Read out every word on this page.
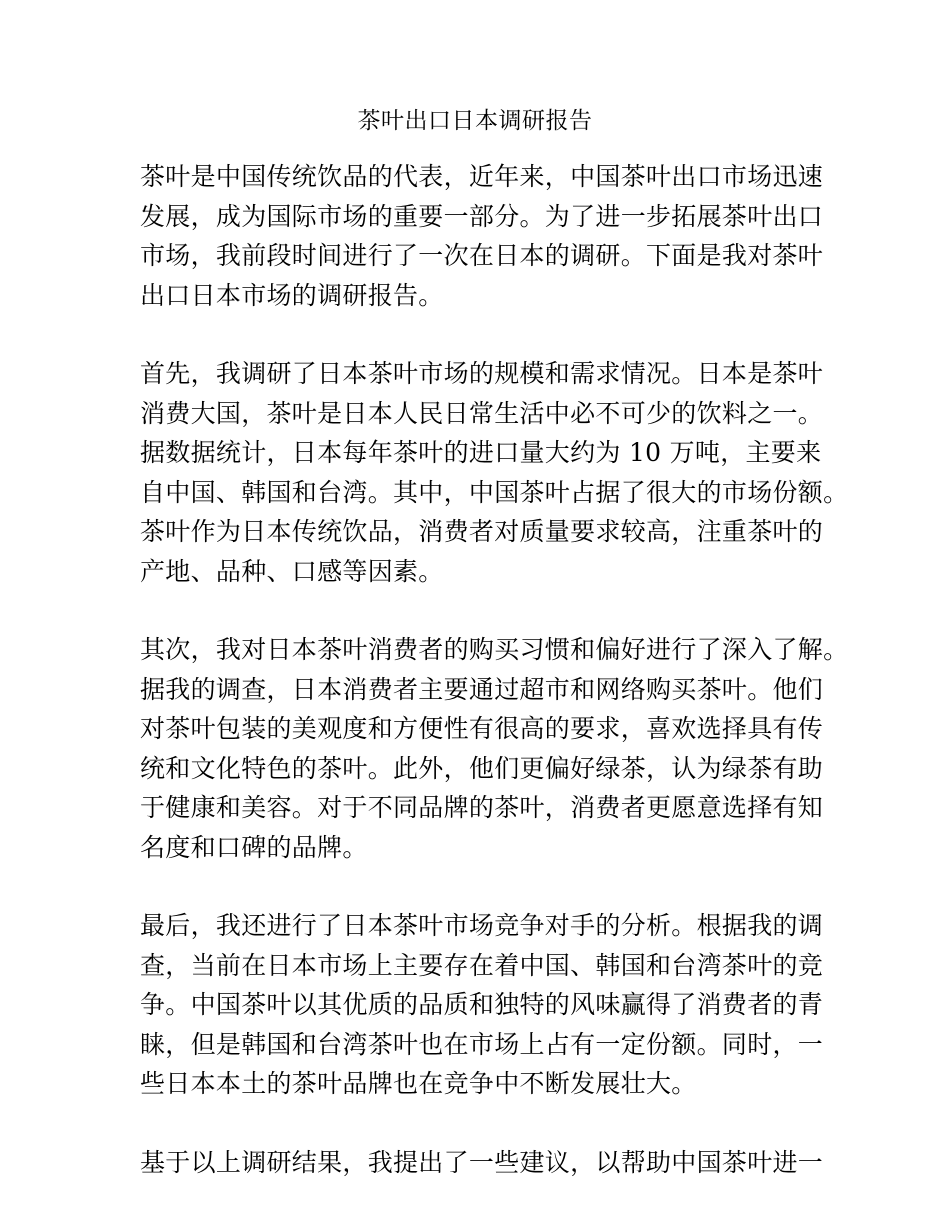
茶叶出口日本调研报告
茶叶是中国传统饮品的代表，近年来，中国茶叶出口市场迅速
发展，成为国际市场的重要一部分。为了进一步拓展茶叶出口
市场，我前段时间进行了一次在日本的调研。下面是我对茶叶
出口日本市场的调研报告。
首先，我调研了日本茶叶市场的规模和需求情况。日本是茶叶
消费大国，茶叶是日本人民日常生活中必不可少的饮料之一。
据数据统计，日本每年茶叶的进口量大约为 10 万吨，主要来
自中国、韩国和台湾。其中，中国茶叶占据了很大的市场份额。
茶叶作为日本传统饮品，消费者对质量要求较高，注重茶叶的
产地、品种、口感等因素。
其次，我对日本茶叶消费者的购买习惯和偏好进行了深入了解。
据我的调查，日本消费者主要通过超市和网络购买茶叶。他们
对茶叶包装的美观度和方便性有很高的要求，喜欢选择具有传
统和文化特色的茶叶。此外，他们更偏好绿茶，认为绿茶有助
于健康和美容。对于不同品牌的茶叶，消费者更愿意选择有知
名度和口碑的品牌。
最后，我还进行了日本茶叶市场竞争对手的分析。根据我的调
查，当前在日本市场上主要存在着中国、韩国和台湾茶叶的竞
争。中国茶叶以其优质的品质和独特的风味赢得了消费者的青
睐，但是韩国和台湾茶叶也在市场上占有一定份额。同时，一
些日本本土的茶叶品牌也在竞争中不断发展壮大。
基于以上调研结果，我提出了一些建议，以帮助中国茶叶进一
